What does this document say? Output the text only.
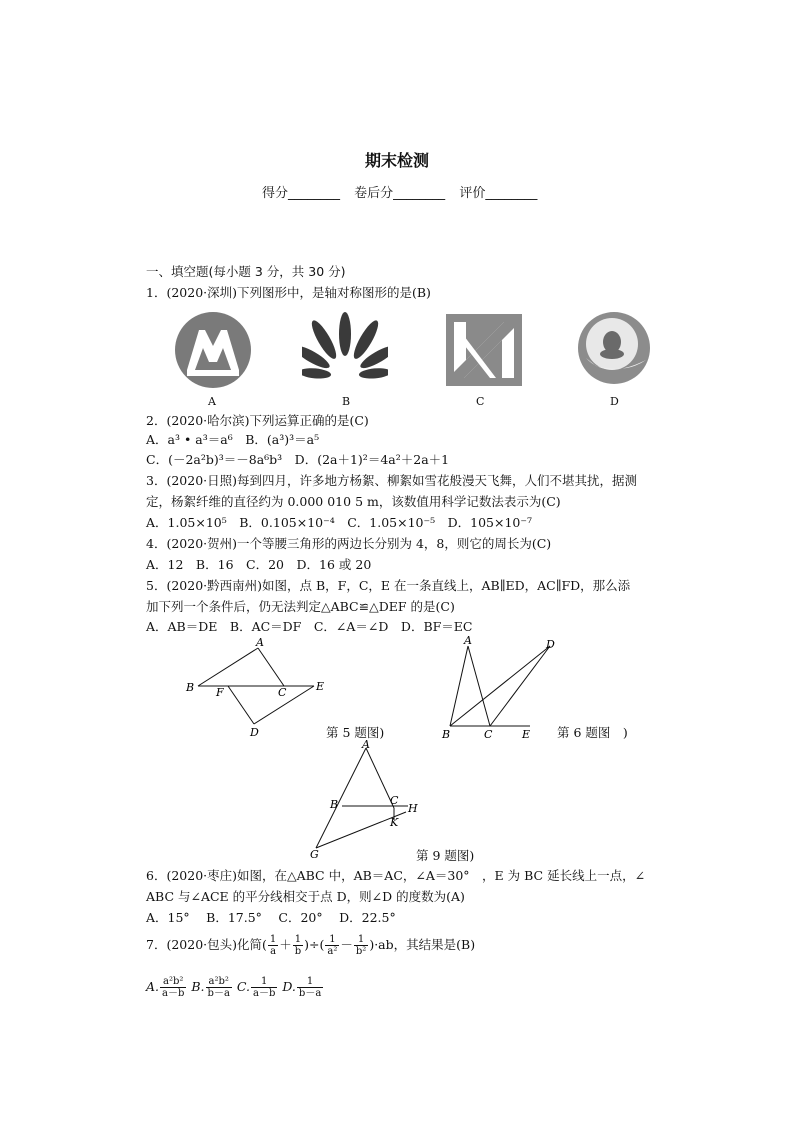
期末检测
得分________ 卷后分________ 评价________
一、填空题(每小题 3 分，共 30 分)
1．(2020·深圳)下列图形中，是轴对称图形的是(B)
A	B	C	D
2．(2020·哈尔滨)下列运算正确的是(C)
A．a³ • a³＝a⁶　B．(a³)³＝a⁵
C．(－2a²b)³＝－8a⁶b³　D．(2a＋1)²＝4a²＋2a＋1
3．(2020·日照)每到四月，许多地方杨絮、柳絮如雪花般漫天飞舞，人们不堪其扰，据测
定，杨絮纤维的直径约为 0.000 010 5 m，该数值用科学记数法表示为(C)
A．1.05×10⁵　B．0.105×10⁻⁴　C．1.05×10⁻⁵　D．105×10⁻⁷
4．(2020·贺州)一个等腰三角形的两边长分别为 4，8，则它的周长为(C)
A．12　B．16　C．20　D．16 或 20
5．(2020·黔西南州)如图，点 B，F，C，E 在一条直线上，AB∥ED，AC∥FD，那么添
加下列一个条件后，仍无法判定△ABC≌△DEF 的是(C)
A．AB＝DE　B．AC＝DF　C．∠A＝∠D　D．BF＝EC
A
B F	C	E
D	第 5 题图)
A	D
B	C	E 第 6 题图　)
A
B	C
H
K
G	第 9 题图)
6．(2020·枣庄)如图，在△ABC 中，AB＝AC，∠A＝30°　，E 为 BC 延长线上一点，∠
ABC 与∠ACE 的平分线相交于点 D，则∠D 的度数为(A)
A．15°　 B．17.5°　 C．20°　 D．22.5°
7．(2020·包头)化简( $\frac{1}{a} + \frac{1}{b}$ )÷( $\frac{1}{\text{a²}} - \frac{1}{\text{b²}} )\cdot ab$，其结果是(B)
A. $\frac{\text{a²b²}}{a-b} B$. $\frac{\text{a²b²}}{b-a} C$. $\frac{1}{a-b} D$. $\frac{1}{b-a}$
